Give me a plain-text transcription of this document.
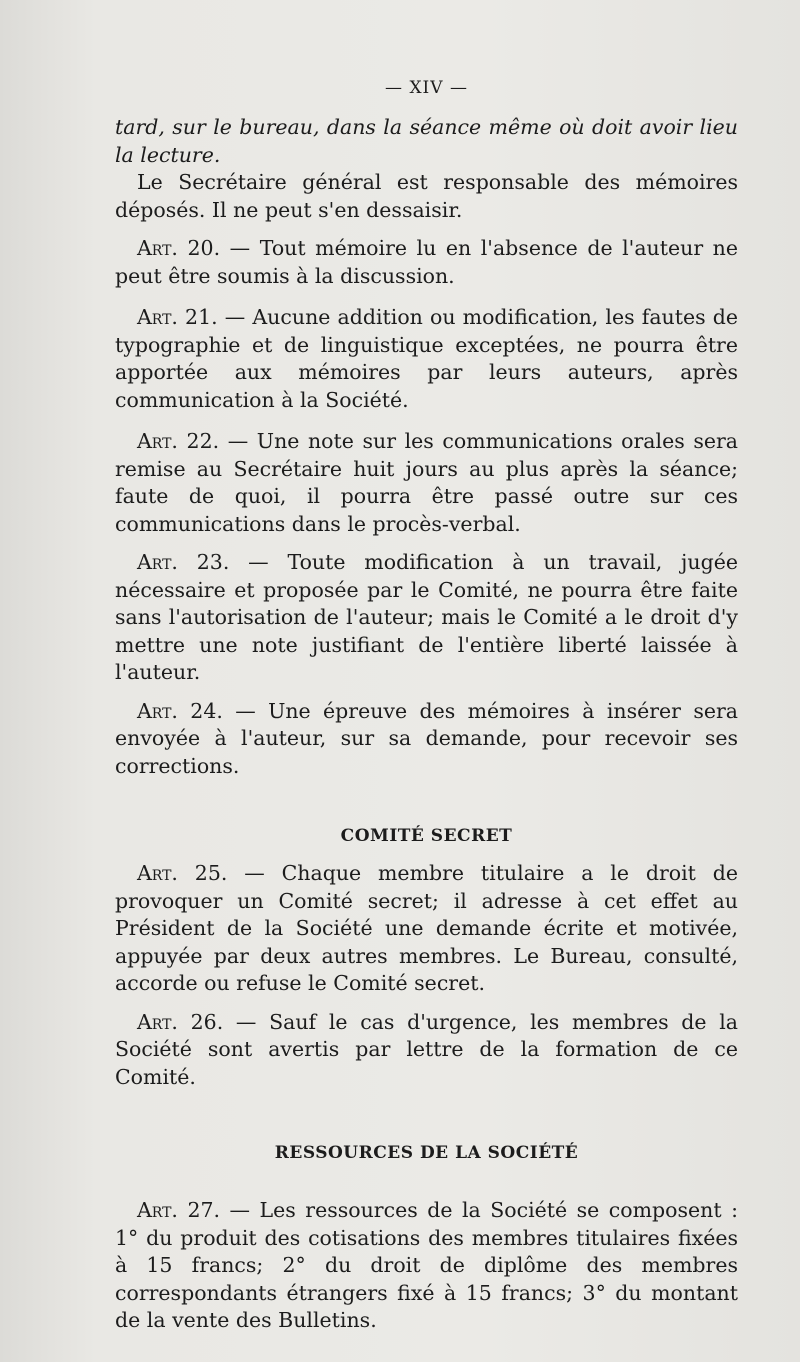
— XIV —

tard, sur le bureau, dans la séance même où doit avoir lieu la lecture.

Le Secrétaire général est responsable des mémoires déposés. Il ne peut s'en dessaisir.

Art. 20. — Tout mémoire lu en l'absence de l'auteur ne peut être soumis à la discussion.

Art. 21. — Aucune addition ou modification, les fautes de typographie et de linguistique exceptées, ne pourra être apportée aux mémoires par leurs auteurs, après communication à la Société.

Art. 22. — Une note sur les communications orales sera remise au Secrétaire huit jours au plus après la séance; faute de quoi, il pourra être passé outre sur ces communications dans le procès-verbal.

Art. 23. — Toute modification à un travail, jugée nécessaire et proposée par le Comité, ne pourra être faite sans l'autorisation de l'auteur; mais le Comité a le droit d'y mettre une note justifiant de l'entière liberté laissée à l'auteur.

Art. 24. — Une épreuve des mémoires à insérer sera envoyée à l'auteur, sur sa demande, pour recevoir ses corrections.

COMITÉ SECRET

Art. 25. — Chaque membre titulaire a le droit de provoquer un Comité secret; il adresse à cet effet au Président de la Société une demande écrite et motivée, appuyée par deux autres membres. Le Bureau, consulté, accorde ou refuse le Comité secret.

Art. 26. — Sauf le cas d'urgence, les membres de la Société sont avertis par lettre de la formation de ce Comité.

RESSOURCES DE LA SOCIÉTÉ

Art. 27. — Les ressources de la Société se composent : 1° du produit des cotisations des membres titulaires fixées à 15 francs; 2° du droit de diplôme des membres correspondants étrangers fixé à 15 francs; 3° du montant de la vente des Bulletins.
